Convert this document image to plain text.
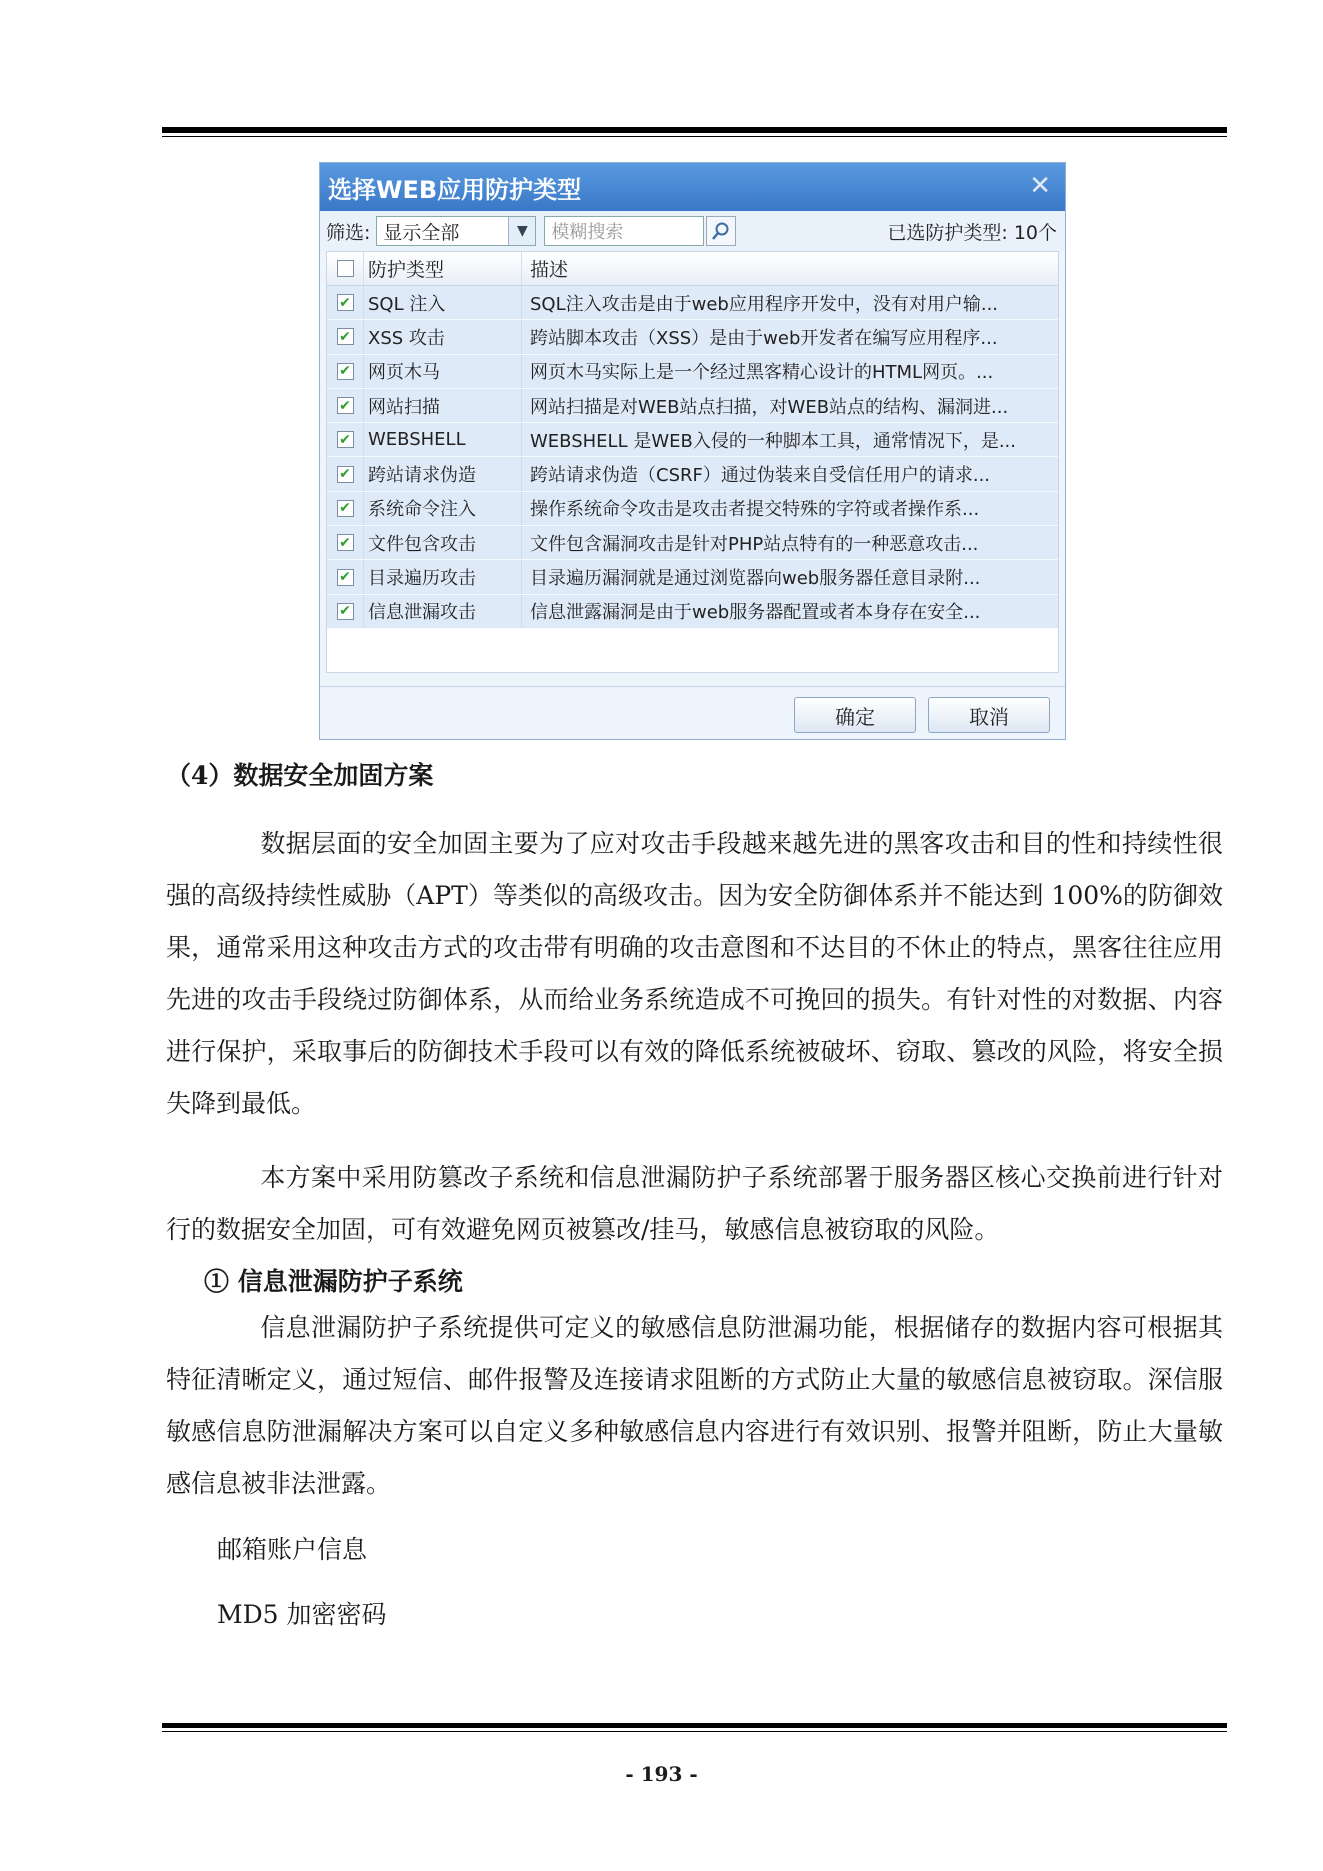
选择WEB应用防护类型	✕
筛选: 显示全部	▼	模糊搜索	已选防护类型: 10个
防护类型	描述
✔ SQL 注入	SQL注入攻击是由于web应用程序开发中，没有对用户输...
✔ XSS 攻击	跨站脚本攻击（XSS）是由于web开发者在编写应用程序...
✔ 网页木马	网页木马实际上是一个经过黑客精心设计的HTML网页。...
✔ 网站扫描	网站扫描是对WEB站点扫描，对WEB站点的结构、漏洞进...
✔ WEBSHELL	WEBSHELL 是WEB入侵的一种脚本工具，通常情况下，是...
✔ 跨站请求伪造	跨站请求伪造（CSRF）通过伪装来自受信任用户的请求...
✔ 系统命令注入	操作系统命令攻击是攻击者提交特殊的字符或者操作系...
✔ 文件包含攻击	文件包含漏洞攻击是针对PHP站点特有的一种恶意攻击...
✔ 目录遍历攻击	目录遍历漏洞就是通过浏览器向web服务器任意目录附...
✔ 信息泄漏攻击	信息泄露漏洞是由于web服务器配置或者本身存在安全...
确定	取消
（4）数据安全加固方案

数据层面的安全加固主要为了应对攻击手段越来越先进的黑客攻击和目的性和持续性很强的高级持续性威胁（APT）等类似的高级攻击。因为安全防御体系并不能达到 100%的防御效果，通常采用这种攻击方式的攻击带有明确的攻击意图和不达目的不休止的特点，黑客往往应用先进的攻击手段绕过防御体系，从而给业务系统造成不可挽回的损失。有针对性的对数据、内容进行保护，采取事后的防御技术手段可以有效的降低系统被破坏、窃取、篡改的风险，将安全损失降到最低。

本方案中采用防篡改子系统和信息泄漏防护子系统部署于服务器区核心交换前进行针对行的数据安全加固，可有效避免网页被篡改/挂马，敏感信息被窃取的风险。

① 信息泄漏防护子系统

信息泄漏防护子系统提供可定义的敏感信息防泄漏功能，根据储存的数据内容可根据其特征清晰定义，通过短信、邮件报警及连接请求阻断的方式防止大量的敏感信息被窃取。深信服敏感信息防泄漏解决方案可以自定义多种敏感信息内容进行有效识别、报警并阻断，防止大量敏感信息被非法泄露。

邮箱账户信息
MD5 加密密码
- 193 -
